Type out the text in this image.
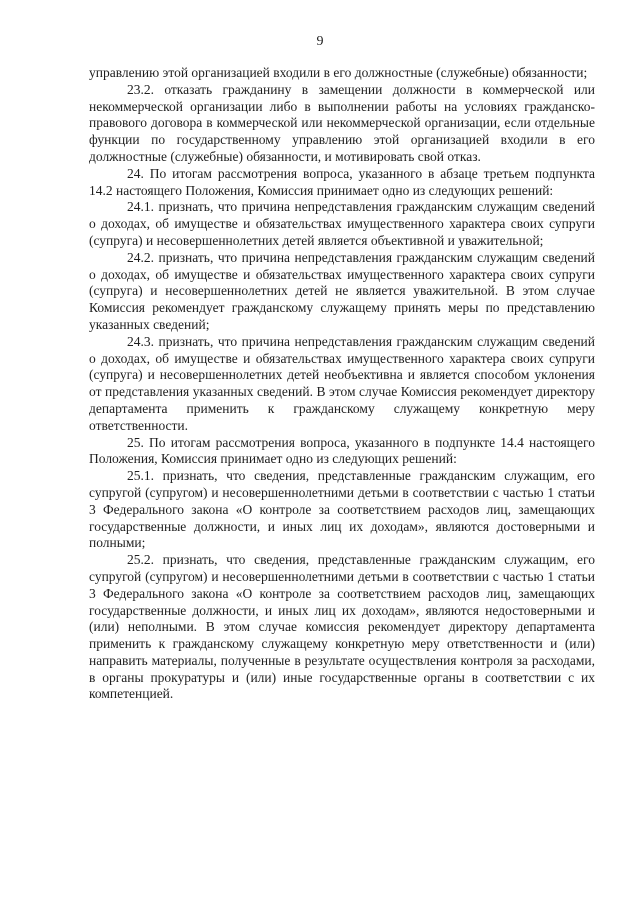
9

управлению этой организацией входили в его должностные (служебные) обязанности;

23.2. отказать гражданину в замещении должности в коммерческой или некоммерческой организации либо в выполнении работы на условиях гражданско-правового договора в коммерческой или некоммерческой организации, если отдельные функции по государственному управлению этой организацией входили в его должностные (служебные) обязанности, и мотивировать свой отказ.

24. По итогам рассмотрения вопроса, указанного в абзаце третьем подпункта 14.2 настоящего Положения, Комиссия принимает одно из следующих решений:

24.1. признать, что причина непредставления гражданским служащим сведений о доходах, об имуществе и обязательствах имущественного характера своих супруги (супруга) и несовершеннолетних детей является объективной и уважительной;

24.2. признать, что причина непредставления гражданским служащим сведений о доходах, об имуществе и обязательствах имущественного характера своих супруги (супруга) и несовершеннолетних детей не является уважительной. В этом случае Комиссия рекомендует гражданскому служащему принять меры по представлению указанных сведений;

24.3. признать, что причина непредставления гражданским служащим сведений о доходах, об имуществе и обязательствах имущественного характера своих супруги (супруга) и несовершеннолетних детей необъективна и является способом уклонения от представления указанных сведений. В этом случае Комиссия рекомендует директору департамента применить к гражданскому служащему конкретную меру ответственности.

25. По итогам рассмотрения вопроса, указанного в подпункте 14.4 настоящего Положения, Комиссия принимает одно из следующих решений:

25.1. признать, что сведения, представленные гражданским служащим, его супругой (супругом) и несовершеннолетними детьми в соответствии с частью 1 статьи 3 Федерального закона «О контроле за соответствием расходов лиц, замещающих государственные должности, и иных лиц их доходам», являются достоверными и полными;

25.2. признать, что сведения, представленные гражданским служащим, его супругой (супругом) и несовершеннолетними детьми в соответствии с частью 1 статьи 3 Федерального закона «О контроле за соответствием расходов лиц, замещающих государственные должности, и иных лиц их доходам», являются недостоверными и (или) неполными. В этом случае комиссия рекомендует директору департамента применить к гражданскому служащему конкретную меру ответственности и (или) направить материалы, полученные в результате осуществления контроля за расходами, в органы прокуратуры и (или) иные государственные органы в соответствии с их компетенцией.
